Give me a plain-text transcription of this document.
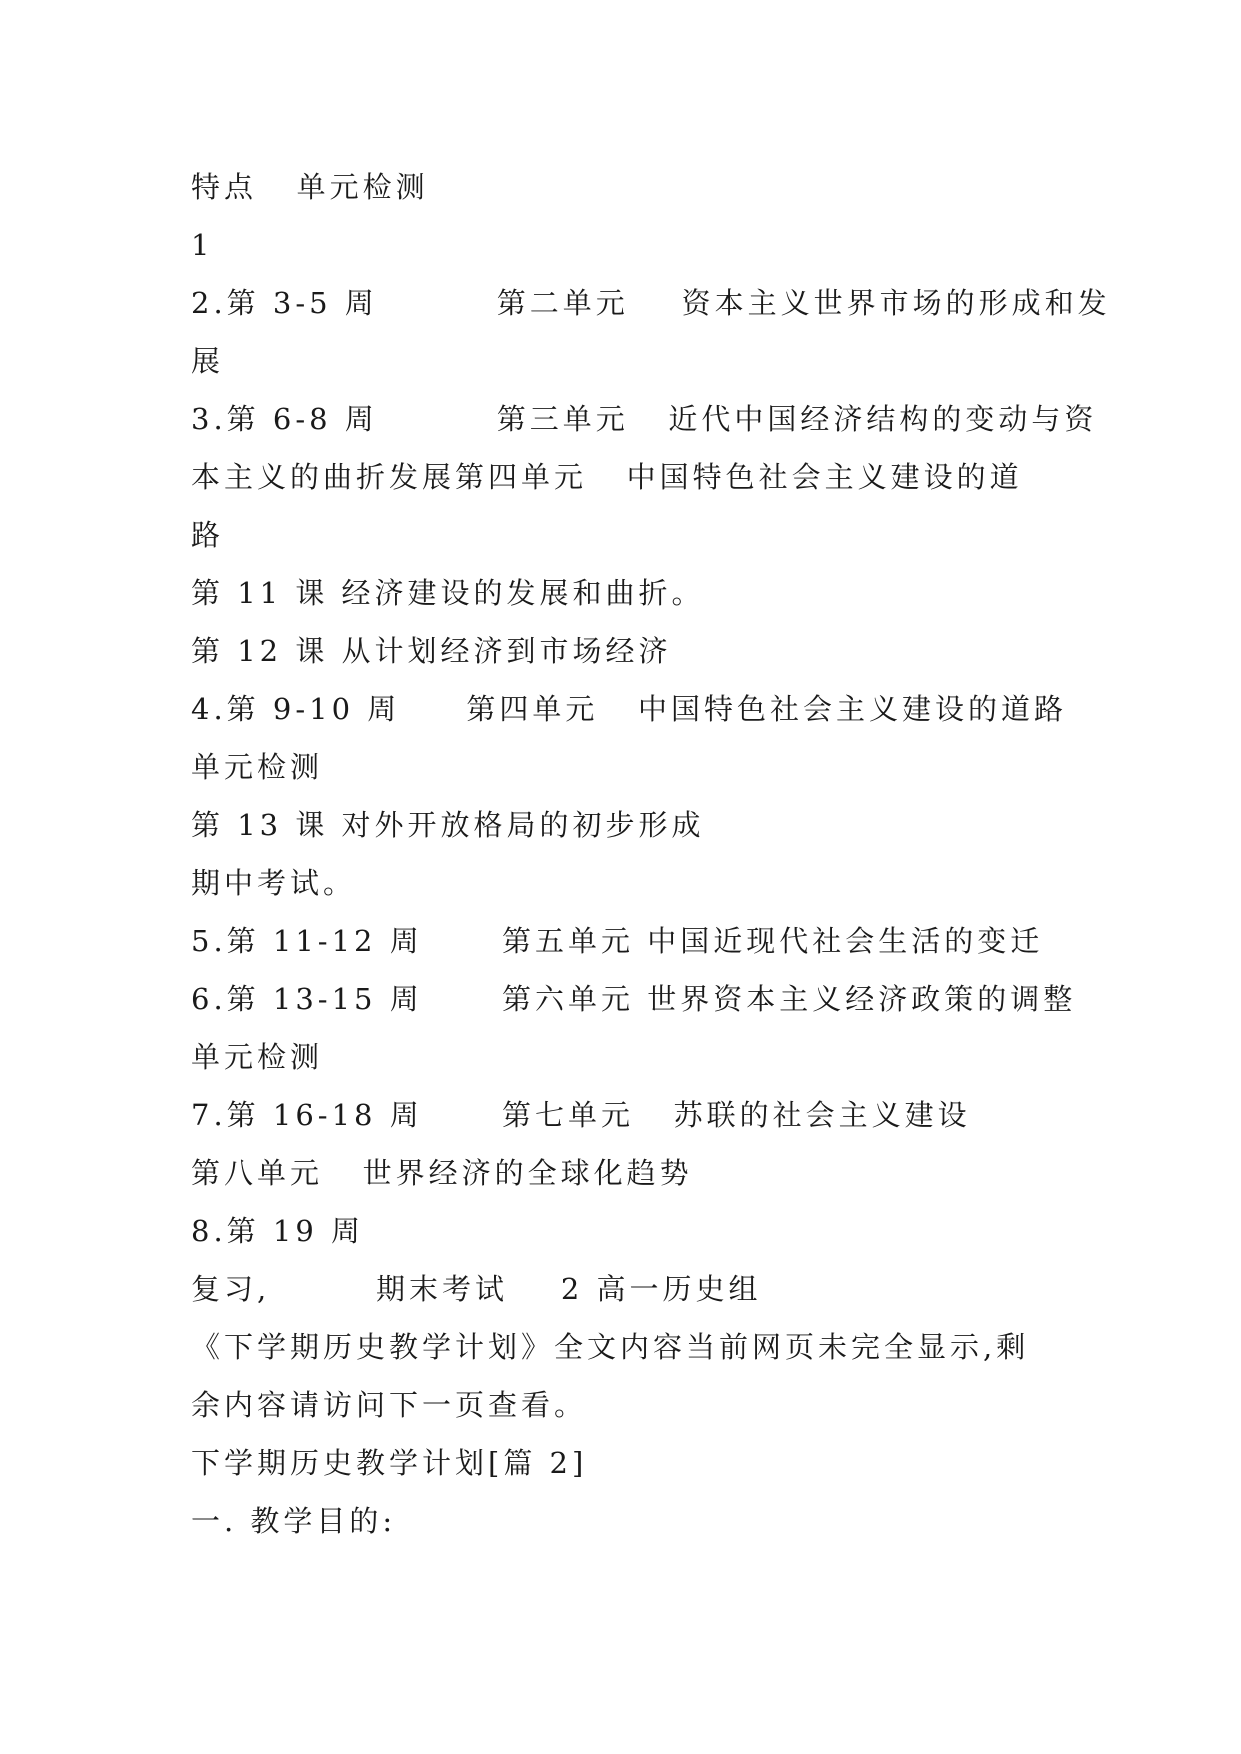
特点   单元检测
1
2.第 3-5 周         第二单元    资本主义世界市场的形成和发
展
3.第 6-8 周         第三单元   近代中国经济结构的变动与资
本主义的曲折发展第四单元   中国特色社会主义建设的道
路
第 11 课 经济建设的发展和曲折。
第 12 课 从计划经济到市场经济
4.第 9-10 周     第四单元   中国特色社会主义建设的道路
单元检测
第 13 课 对外开放格局的初步形成
期中考试。
5.第 11-12 周      第五单元 中国近现代社会生活的变迁
6.第 13-15 周      第六单元 世界资本主义经济政策的调整
单元检测
7.第 16-18 周      第七单元   苏联的社会主义建设
第八单元   世界经济的全球化趋势
8.第 19 周
复习,        期末考试    2 高一历史组
《下学期历史教学计划》全文内容当前网页未完全显示,剩
余内容请访问下一页查看。
下学期历史教学计划[篇 2]
一. 教学目的:
